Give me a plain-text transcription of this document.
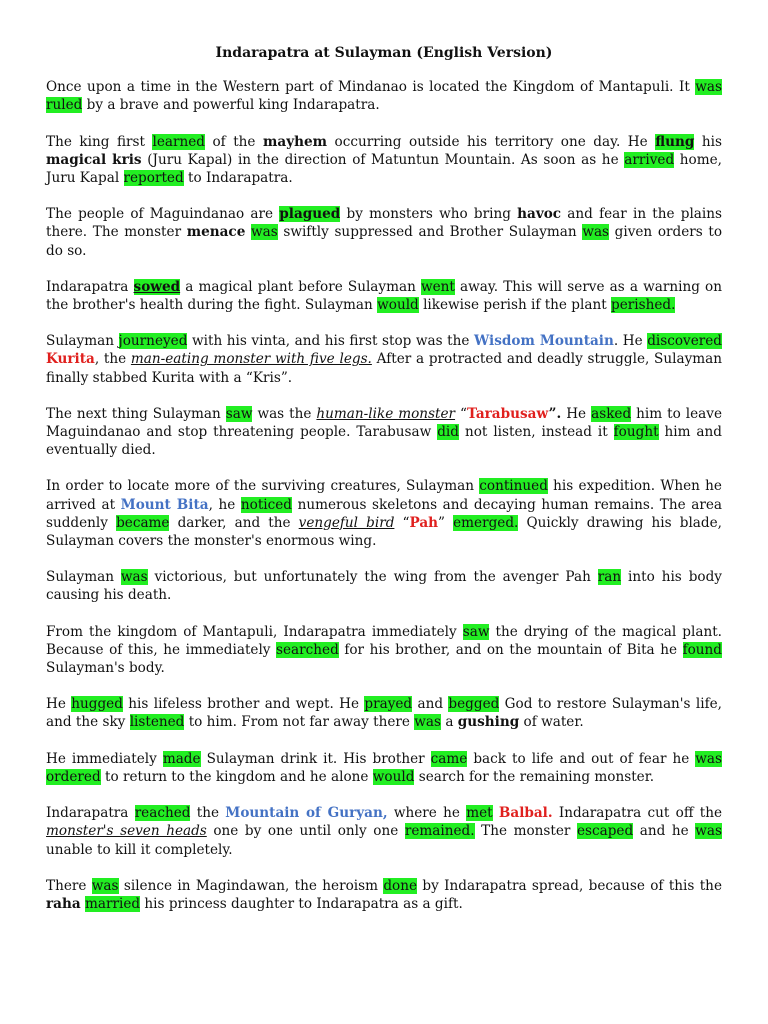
Indarapatra at Sulayman (English Version)

Once upon a time in the Western part of Mindanao is located the Kingdom of Mantapuli. It was ruled by a brave and powerful king Indarapatra.

The king first learned of the mayhem occurring outside his territory one day. He flung his magical kris (Juru Kapal) in the direction of Matuntun Mountain. As soon as he arrived home, Juru Kapal reported to Indarapatra.

The people of Maguindanao are plagued by monsters who bring havoc and fear in the plains there. The monster menace was swiftly suppressed and Brother Sulayman was given orders to do so.

Indarapatra sowed a magical plant before Sulayman went away. This will serve as a warning on the brother's health during the fight. Sulayman would likewise perish if the plant perished.

Sulayman journeyed with his vinta, and his first stop was the Wisdom Mountain. He discovered Kurita, the man-eating monster with five legs. After a protracted and deadly struggle, Sulayman finally stabbed Kurita with a “Kris”.

The next thing Sulayman saw was the human-like monster “Tarabusaw”. He asked him to leave Maguindanao and stop threatening people. Tarabusaw did not listen, instead it fought him and eventually died.

In order to locate more of the surviving creatures, Sulayman continued his expedition. When he arrived at Mount Bita, he noticed numerous skeletons and decaying human remains. The area suddenly became darker, and the vengeful bird “Pah” emerged. Quickly drawing his blade, Sulayman covers the monster's enormous wing.

Sulayman was victorious, but unfortunately the wing from the avenger Pah ran into his body causing his death.

From the kingdom of Mantapuli, Indarapatra immediately saw the drying of the magical plant. Because of this, he immediately searched for his brother, and on the mountain of Bita he found Sulayman's body.

He hugged his lifeless brother and wept. He prayed and begged God to restore Sulayman's life, and the sky listened to him. From not far away there was a gushing of water.

He immediately made Sulayman drink it. His brother came back to life and out of fear he was ordered to return to the kingdom and he alone would search for the remaining monster.

Indarapatra reached the Mountain of Guryan, where he met Balbal. Indarapatra cut off the monster's seven heads one by one until only one remained. The monster escaped and he was unable to kill it completely.

There was silence in Magindawan, the heroism done by Indarapatra spread, because of this the raha married his princess daughter to Indarapatra as a gift.
